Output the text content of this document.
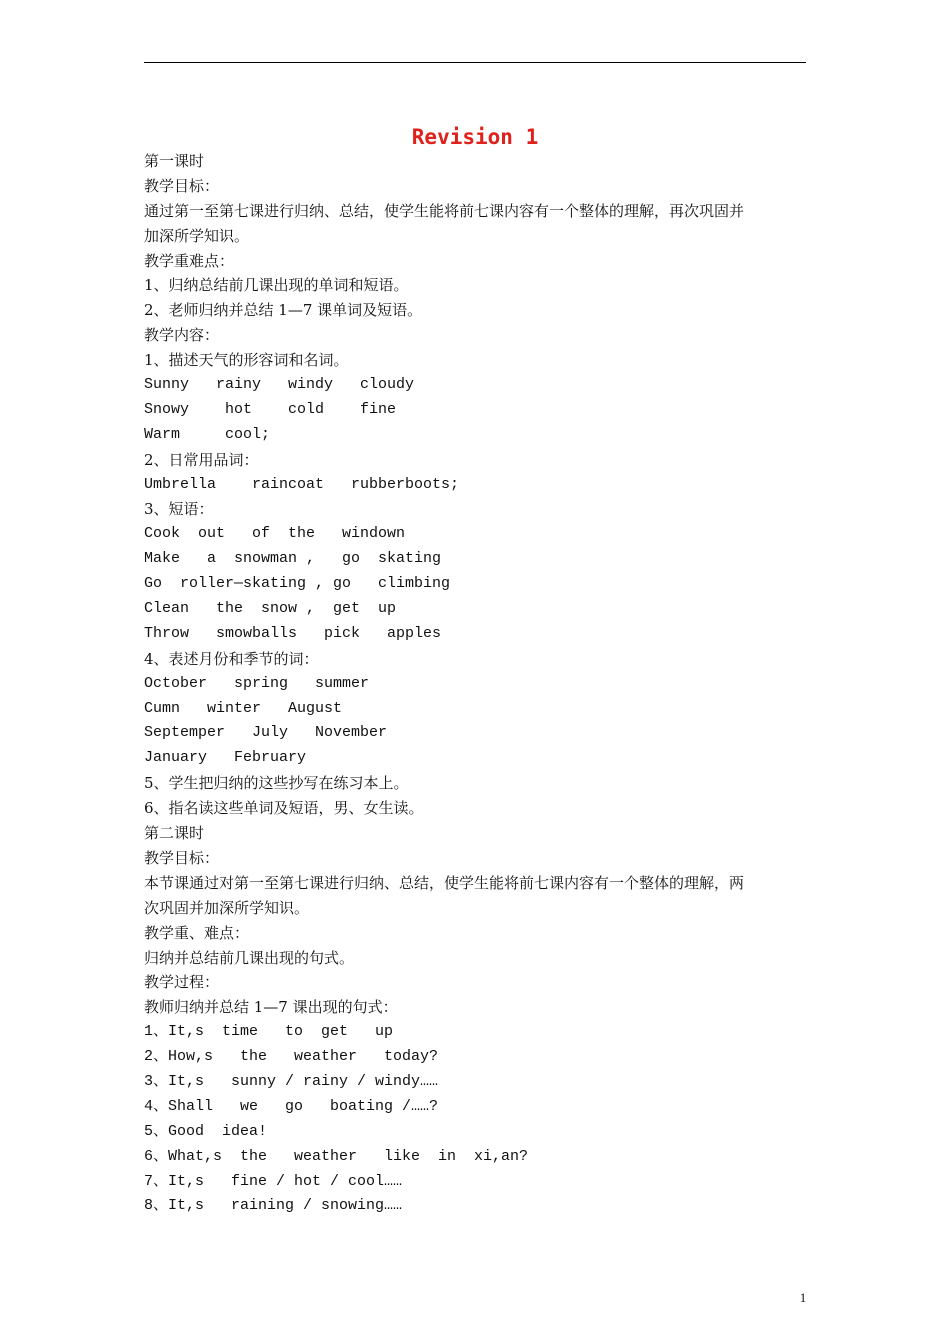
Revision 1
第一课时
教学目标：
通过第一至第七课进行归纳、总结，使学生能将前七课内容有一个整体的理解，再次巩固并
加深所学知识。
教学重难点：
1、归纳总结前几课出现的单词和短语。
2、老师归纳并总结 1—7 课单词及短语。
教学内容：
1、描述天气的形容词和名词。
Sunny   rainy   windy   cloudy
Snowy    hot    cold    fine
Warm     cool;
2、日常用品词：
Umbrella    raincoat   rubberboots;
3、短语：
Cook  out   of  the   windown
Make   a  snowman ,   go  skating
Go  roller—skating , go   climbing
Clean   the  snow ,  get  up
Throw   smowballs   pick   apples
4、表述月份和季节的词：
October   spring   summer
Cumn   winter   August
Septemper   July   November
January   February
5、学生把归纳的这些抄写在练习本上。
6、指名读这些单词及短语，男、女生读。
第二课时
教学目标：
本节课通过对第一至第七课进行归纳、总结，使学生能将前七课内容有一个整体的理解，两
次巩固并加深所学知识。
教学重、难点：
归纳并总结前几课出现的句式。
教学过程：
教师归纳并总结 1—7 课出现的句式：
1、It,s  time   to  get   up
2、How,s   the   weather   today?
3、It,s   sunny / rainy / windy……
4、Shall   we   go   boating /……?
5、Good  idea!
6、What,s  the   weather   like  in  xi,an?
7、It,s   fine / hot / cool……
8、It,s   raining / snowing……
1
